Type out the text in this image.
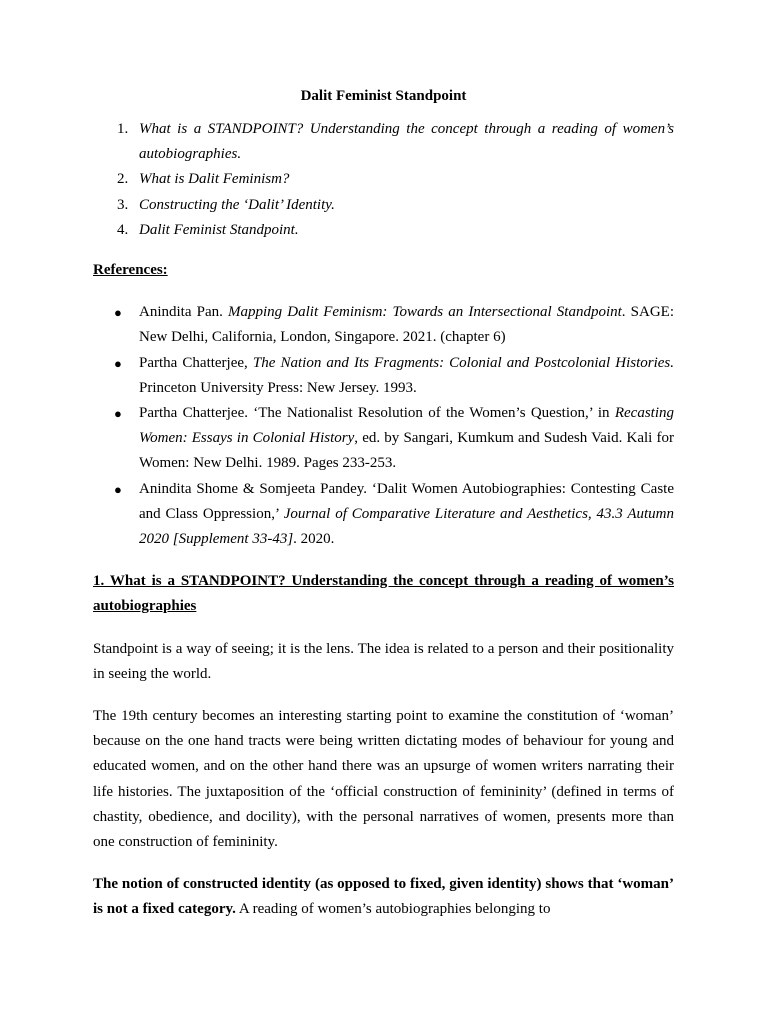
Dalit Feminist Standpoint
1. What is a STANDPOINT? Understanding the concept through a reading of women’s autobiographies.
2. What is Dalit Feminism?
3. Constructing the ‘Dalit’ Identity.
4. Dalit Feminist Standpoint.
References:
● Anindita Pan. Mapping Dalit Feminism: Towards an Intersectional Standpoint. SAGE: New Delhi, California, London, Singapore. 2021. (chapter 6)
● Partha Chatterjee, The Nation and Its Fragments: Colonial and Postcolonial Histories. Princeton University Press: New Jersey. 1993.
● Partha Chatterjee. ‘The Nationalist Resolution of the Women’s Question,’ in Recasting Women: Essays in Colonial History, ed. by Sangari, Kumkum and Sudesh Vaid. Kali for Women: New Delhi. 1989. Pages 233-253.
● Anindita Shome & Somjeeta Pandey. ‘Dalit Women Autobiographies: Contesting Caste and Class Oppression,’ Journal of Comparative Literature and Aesthetics, 43.3 Autumn 2020 [Supplement 33-43]. 2020.
1. What is a STANDPOINT? Understanding the concept through a reading of women’s autobiographies

Standpoint is a way of seeing; it is the lens. The idea is related to a person and their positionality in seeing the world.

The 19th century becomes an interesting starting point to examine the constitution of ‘woman’ because on the one hand tracts were being written dictating modes of behaviour for young and educated women, and on the other hand there was an upsurge of women writers narrating their life histories. The juxtaposition of the ‘official construction of femininity’ (defined in terms of chastity, obedience, and docility), with the personal narratives of women, presents more than one construction of femininity.

The notion of constructed identity (as opposed to fixed, given identity) shows that ‘woman’ is not a fixed category. A reading of women’s autobiographies belonging to
